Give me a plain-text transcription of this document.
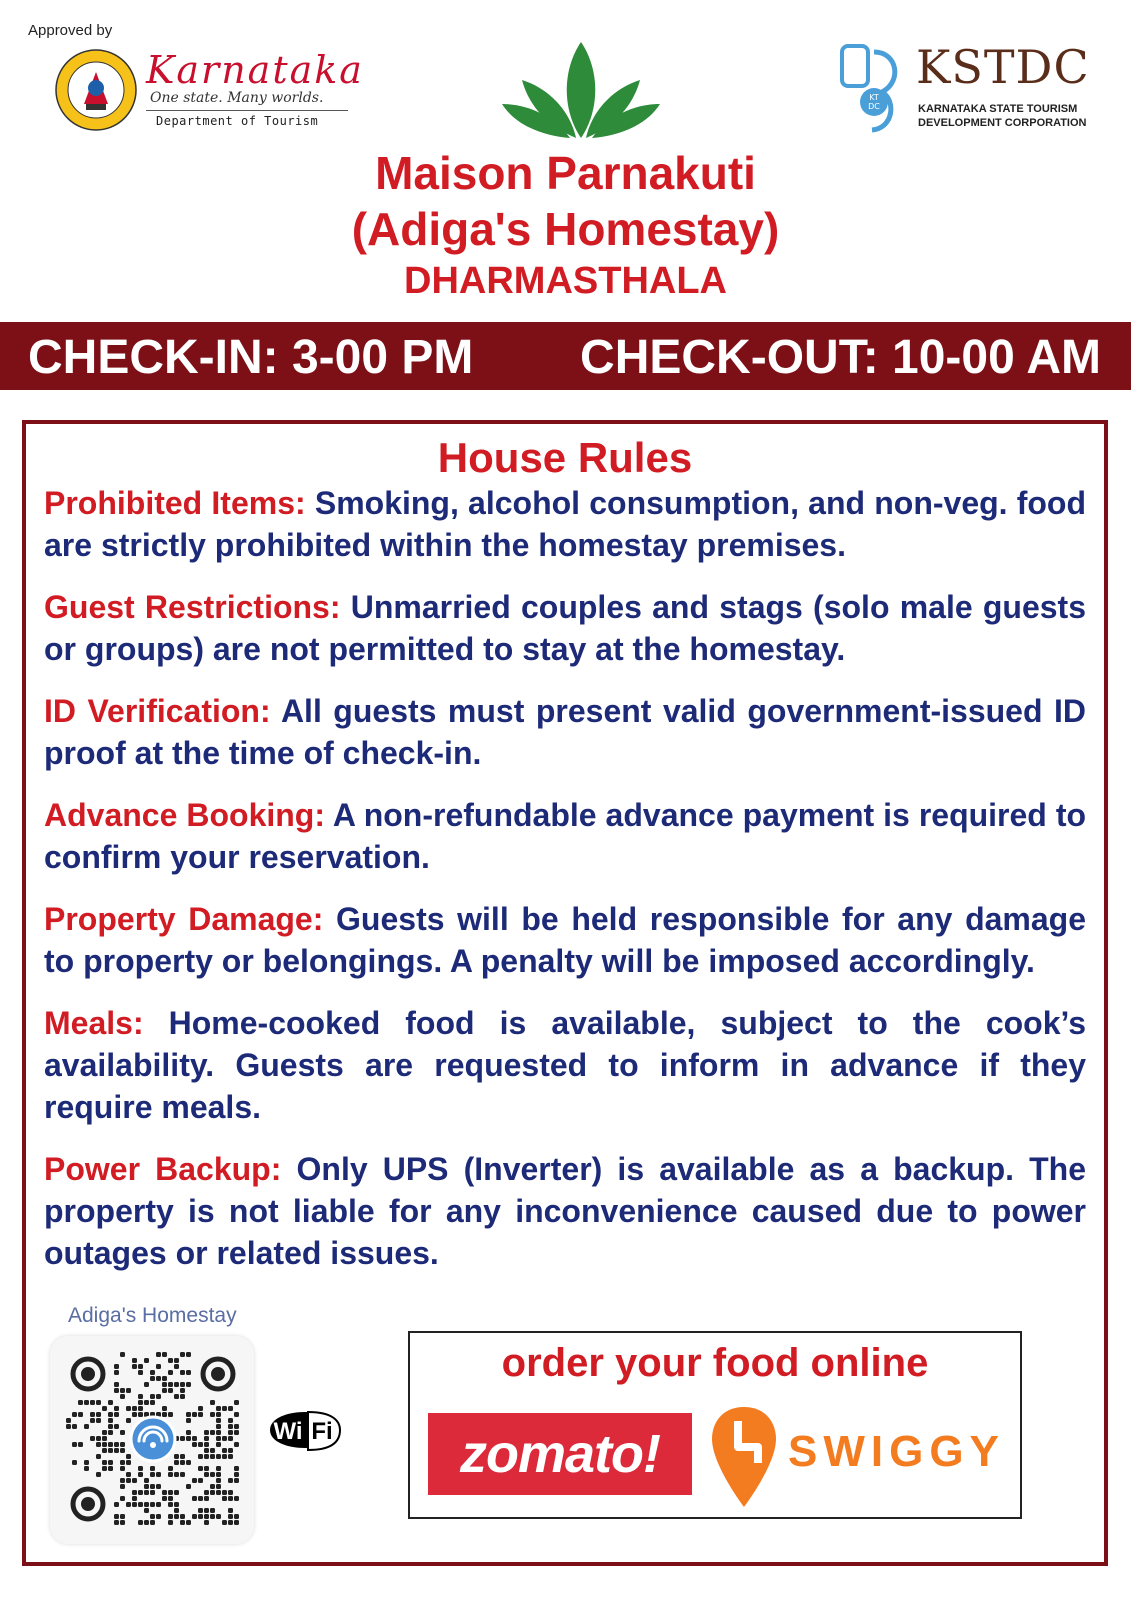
Approved by
Karnataka
One state. Many worlds.
Department of Tourism
KT
DC
KSTDC
KARNATAKA STATE TOURISM
DEVELOPMENT CORPORATION
Maison Parnakuti
(Adiga's Homestay)
DHARMASTHALA
CHECK-IN: 3-00 PM CHECK-OUT: 10-00 AM
House Rules
Prohibited Items: Smoking, alcohol consumption, and non-veg. food are strictly prohibited within the homestay premises.
Guest Restrictions: Unmarried couples and stags (solo male guests or groups) are not permitted to stay at the homestay.
ID Verification: All guests must present valid government-issued ID proof at the time of check-in.
Advance Booking: A non-refundable advance payment is required to confirm your reservation.
Property Damage: Guests will be held responsible for any damage to property or belongings. A penalty will be imposed accordingly.
Meals: Home-cooked food is available, subject to the cook’s availability. Guests are requested to inform in advance if they require meals.
Power Backup: Only UPS (Inverter) is available as a backup. The property is not liable for any inconvenience caused due to power outages or related issues.
Adiga's Homestay
Wi Fi
order your food online
zomato!	SWIGGY
